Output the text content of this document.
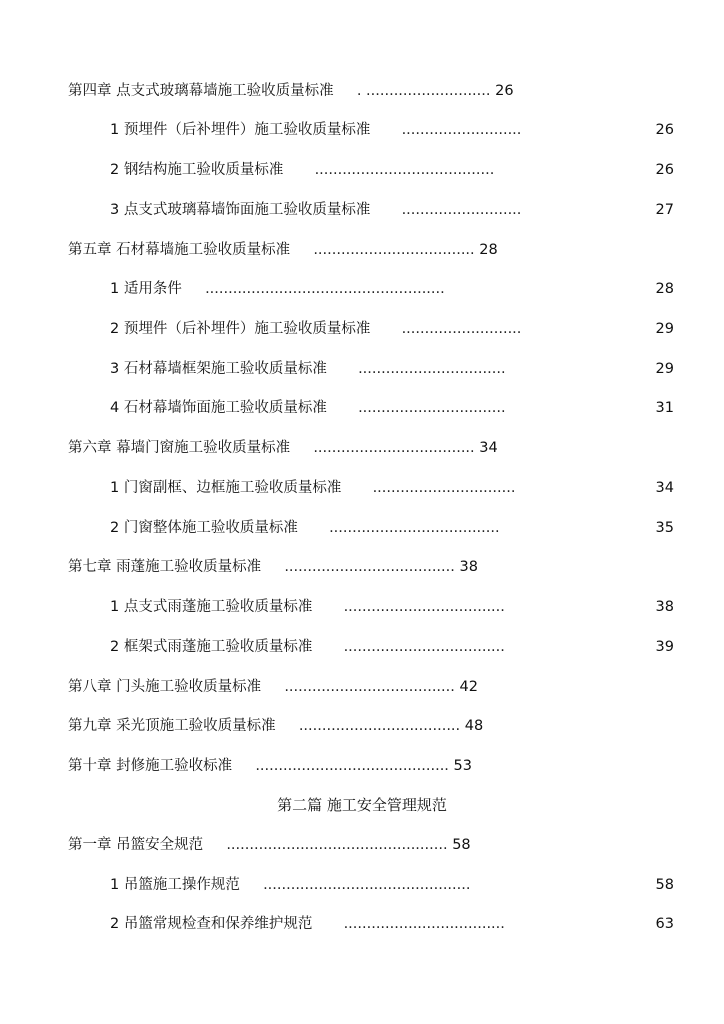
第四章 点支式玻璃幕墙施工验收质量标准 . ........................... 26
1 预埋件（后补埋件）施工验收质量标准 ..........................	26
2 钢结构施工验收质量标准 .......................................	26
3 点支式玻璃幕墙饰面施工验收质量标准 ..........................	27
第五章 石材幕墙施工验收质量标准 ................................... 28
1 适用条件 ....................................................	28
2 预埋件（后补埋件）施工验收质量标准 ..........................	29
3 石材幕墙框架施工验收质量标准 ................................	29
4 石材幕墙饰面施工验收质量标准 ................................	31
第六章 幕墙门窗施工验收质量标准 ................................... 34
1 门窗副框、边框施工验收质量标准 ...............................	34
2 门窗整体施工验收质量标准 .....................................	35
第七章 雨蓬施工验收质量标准 ..................................... 38
1 点支式雨蓬施工验收质量标准 ...................................	38
2 框架式雨蓬施工验收质量标准 ...................................	39
第八章 门头施工验收质量标准 ..................................... 42
第九章 采光顶施工验收质量标准 ................................... 48
第十章 封修施工验收标准 .......................................... 53
第二篇 施工安全管理规范
第一章 吊篮安全规范 ................................................ 58
1 吊篮施工操作规范 .............................................	58
2 吊篮常规检查和保养维护规范 ...................................	63
